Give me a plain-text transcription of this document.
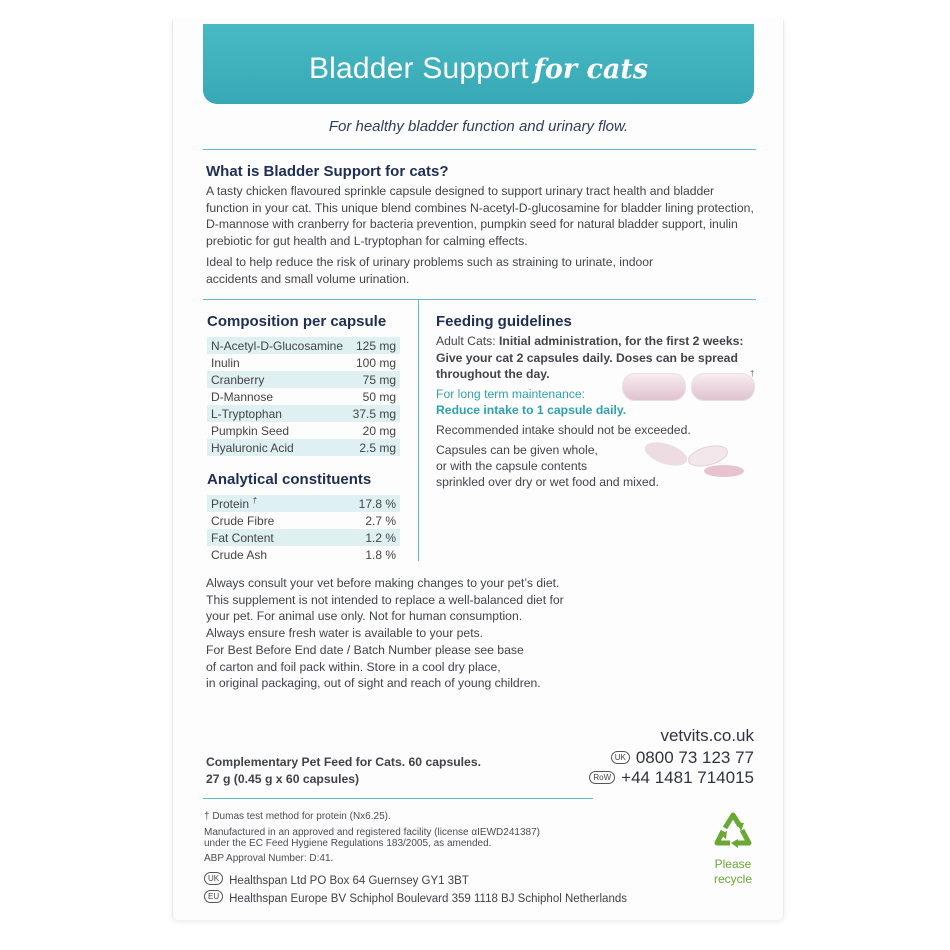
Bladder Support for cats
For healthy bladder function and urinary flow.
What is Bladder Support for cats?
A tasty chicken flavoured sprinkle capsule designed to support urinary tract health and bladder function in your cat. This unique blend combines N-acetyl-D-glucosamine for bladder lining protection, D-mannose with cranberry for bacteria prevention, pumpkin seed for natural bladder support, inulin prebiotic for gut health and L-tryptophan for calming effects.
Ideal to help reduce the risk of urinary problems such as straining to urinate, indoor accidents and small volume urination.
Composition per capsule
N-Acetyl-D-Glucosamine	125 mg
Inulin	100 mg
Cranberry	75 mg
D-Mannose	50 mg
L-Tryptophan	37.5 mg
Pumpkin Seed	20 mg
Hyaluronic Acid	2.5 mg
Analytical constituents
Protein †	17.8 %
Crude Fibre	2.7 %
Fat Content	1.2 %
Crude Ash	1.8 %
Feeding guidelines
Adult Cats: Initial administration, for the first 2 weeks:
Give your cat 2 capsules daily. Doses can be spread
throughout the day.
For long term maintenance:
Reduce intake to 1 capsule daily.
Recommended intake should not be exceeded.
Capsules can be given whole,
or with the capsule contents
sprinkled over dry or wet food and mixed.
†
Always consult your vet before making changes to your pet’s diet.
This supplement is not intended to replace a well-balanced diet for
your pet. For animal use only. Not for human consumption.
Always ensure fresh water is available to your pets.
For Best Before End date / Batch Number please see base
of carton and foil pack within. Store in a cool dry place,
in original packaging, out of sight and reach of young children.
vetvits.co.uk
UK 0800 73 123 77
RoW +44 1481 714015
Complementary Pet Feed for Cats. 60 capsules.
27 g (0.45 g x 60 capsules)
† Dumas test method for protein (Nx6.25).
Manufactured in an approved and registered facility (license αIEWD241387)
under the EC Feed Hygiene Regulations 183/2005, as amended.
ABP Approval Number: D:41.
UK Healthspan Ltd PO Box 64 Guernsey GY1 3BT
EU Healthspan Europe BV Schiphol Boulevard 359 1118 BJ Schiphol Netherlands
Please
recycle
